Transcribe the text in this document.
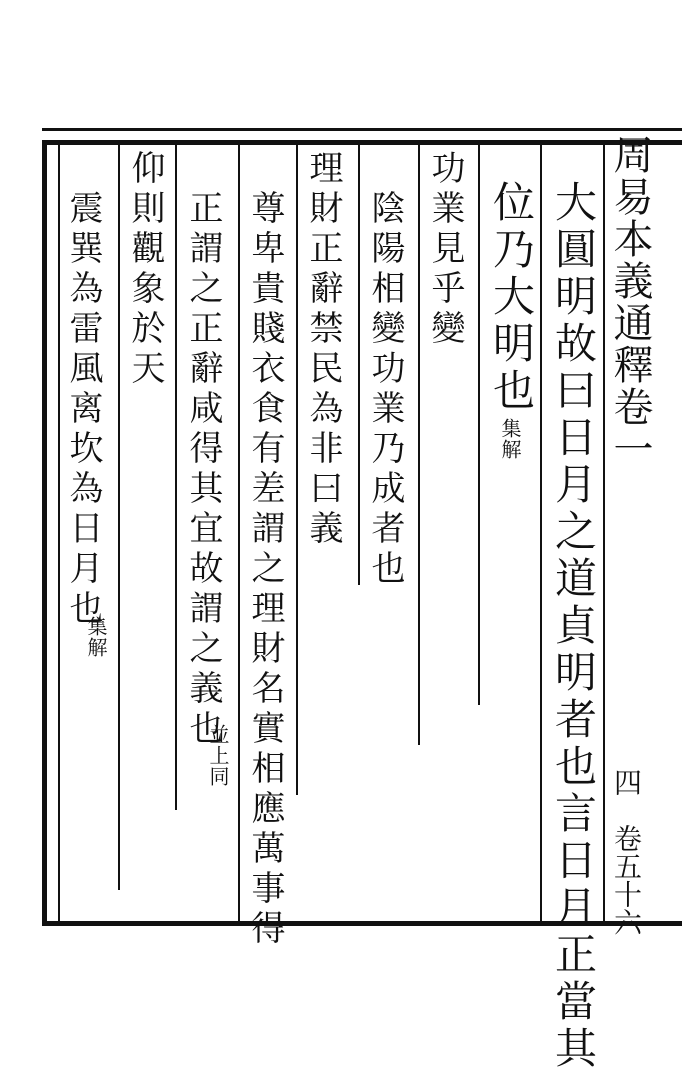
周易本義通釋卷一
四　卷五十六
大圓明故曰日月之道貞明者也言日月正當其
位乃大明也
集解
功業見乎變
陰陽相變功業乃成者也
理財正辭禁民為非曰義
尊卑貴賤衣食有差謂之理財名實相應萬事得
正謂之正辭咸得其宜故謂之義也
並上同
仰則觀象於天
震巽為雷風离坎為日月也
集解
